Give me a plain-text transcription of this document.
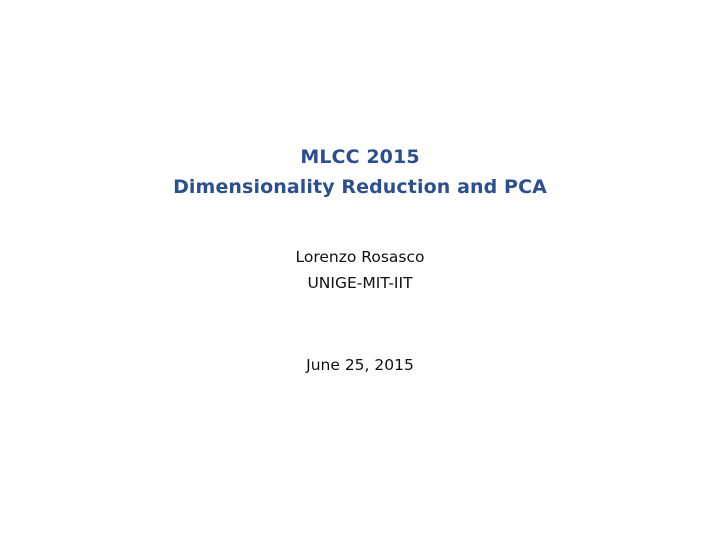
MLCC 2015
Dimensionality Reduction and PCA
Lorenzo Rosasco
UNIGE-MIT-IIT
June 25, 2015
